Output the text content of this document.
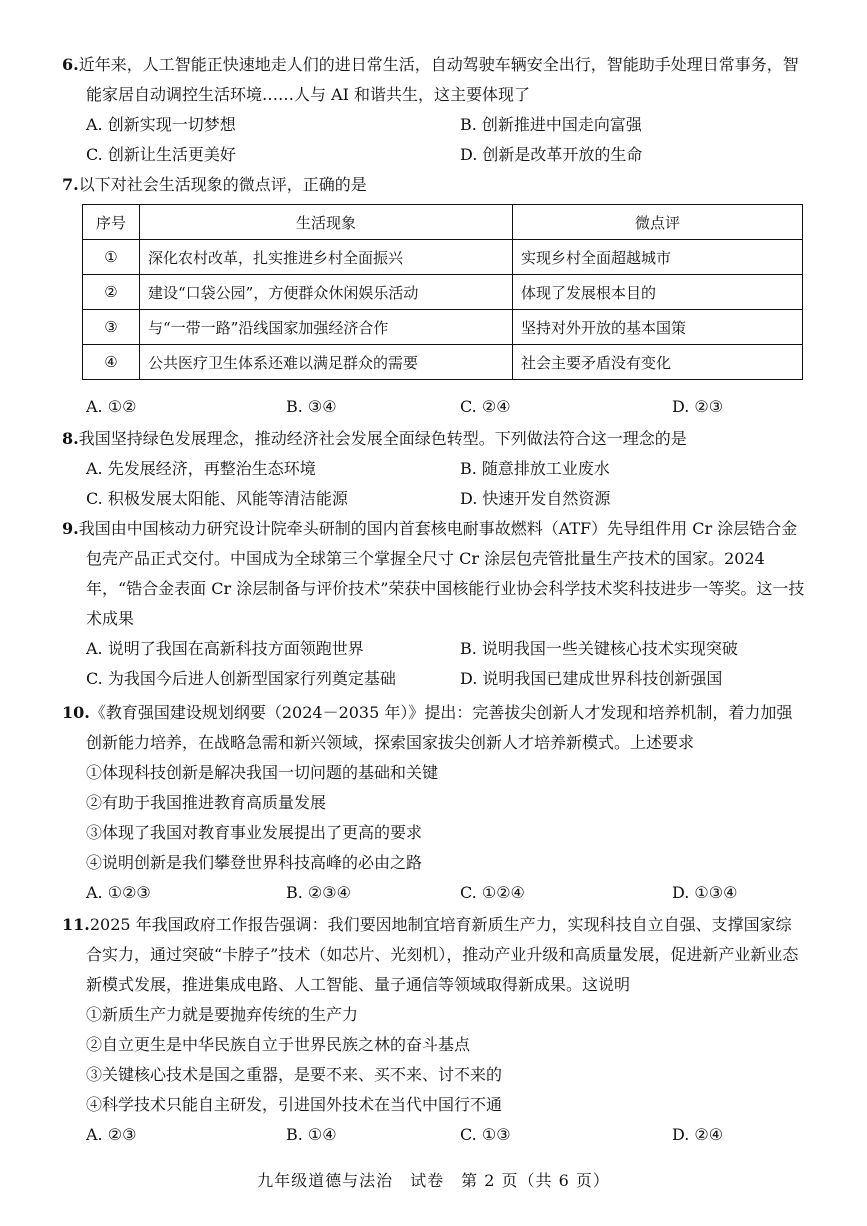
6.近年来，人工智能正快速地走人们的进日常生活，自动驾驶车辆安全出行，智能助手处理日常事务，智能家居自动调控生活环境……人与 AI 和谐共生，这主要体现了

A. 创新实现一切梦想	B. 创新推进中国走向富强
C. 创新让生活更美好	D. 创新是改革开放的生命

7.以下对社会生活现象的微点评，正确的是

序号	生活现象	微点评
①	深化农村改革，扎实推进乡村全面振兴	实现乡村全面超越城市
②	建设“口袋公园”，方便群众休闲娱乐活动	体现了发展根本目的
③	与“一带一路”沿线国家加强经济合作	坚持对外开放的基本国策
④	公共医疗卫生体系还难以满足群众的需要	社会主要矛盾没有变化
A. ①②	B. ③④	C. ②④	D. ②③

8.我国坚持绿色发展理念，推动经济社会发展全面绿色转型。下列做法符合这一理念的是

A. 先发展经济，再整治生态环境	B. 随意排放工业废水
C. 积极发展太阳能、风能等清洁能源	D. 快速开发自然资源

9.我国由中国核动力研究设计院牵头研制的国内首套核电耐事故燃料（ATF）先导组件用 Cr 涂层锆合金包壳产品正式交付。中国成为全球第三个掌握全尺寸 Cr 涂层包壳管批量生产技术的国家。2024 年，“锆合金表面 Cr 涂层制备与评价技术”荣获中国核能行业协会科学技术奖科技进步一等奖。这一技术成果

A. 说明了我国在高新科技方面领跑世界	B. 说明我国一些关键核心技术实现突破
C. 为我国今后进人创新型国家行列奠定基础	D. 说明我国已建成世界科技创新强国

10.《教育强国建设规划纲要（2024－2035 年）》提出：完善拔尖创新人才发现和培养机制，着力加强创新能力培养，在战略急需和新兴领域，探索国家拔尖创新人才培养新模式。上述要求

①体现科技创新是解决我国一切问题的基础和关键
②有助于我国推进教育高质量发展
③体现了我国对教育事业发展提出了更高的要求
④说明创新是我们攀登世界科技高峰的必由之路
A. ①②③	B. ②③④	C. ①②④	D. ①③④

11.2025 年我国政府工作报告强调：我们要因地制宜培育新质生产力，实现科技自立自强、支撑国家综合实力，通过突破“卡脖子”技术（如芯片、光刻机），推动产业升级和高质量发展，促进新产业新业态新模式发展，推进集成电路、人工智能、量子通信等领域取得新成果。这说明

①新质生产力就是要抛弃传统的生产力
②自立更生是中华民族自立于世界民族之林的奋斗基点
③关键核心技术是国之重器，是要不来、买不来、讨不来的
④科学技术只能自主研发，引进国外技术在当代中国行不通
A. ②③	B. ①④	C. ①③	D. ②④
九年级道德与法治　试卷　第 2 页（共 6 页）
